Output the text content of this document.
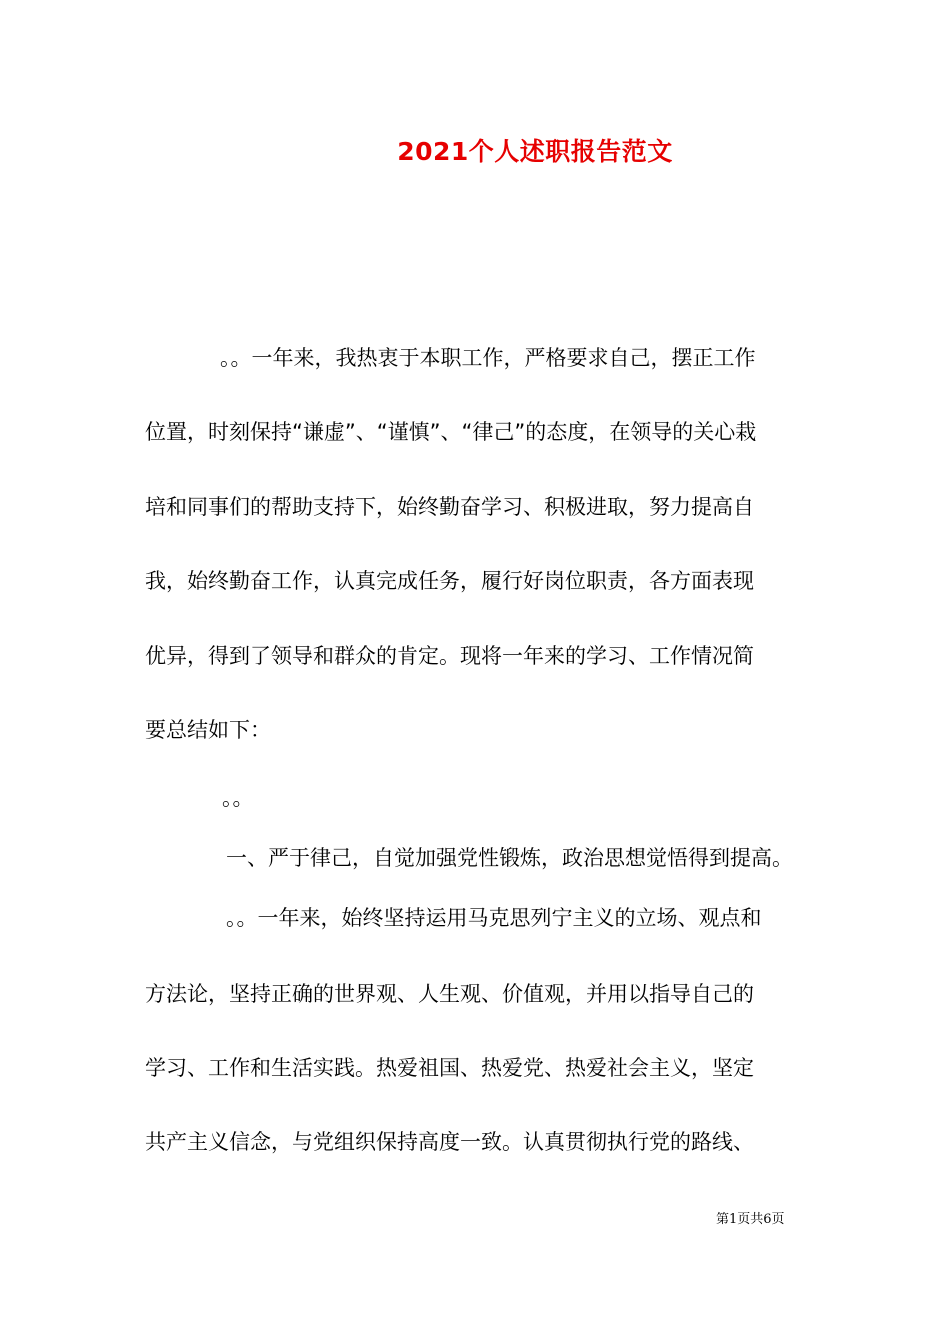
2021个人述职报告范文
。。一年来，我热衷于本职工作，严格要求自己，摆正工作
位置，时刻保持“谦虚”、“谨慎”、“律己”的态度，在领导的关心栽
培和同事们的帮助支持下，始终勤奋学习、积极进取，努力提高自
我，始终勤奋工作，认真完成任务，履行好岗位职责，各方面表现
优异，得到了领导和群众的肯定。现将一年来的学习、工作情况简
要总结如下：
。。
一、严于律己，自觉加强党性锻炼，政治思想觉悟得到提高。
。。一年来，始终坚持运用马克思列宁主义的立场、观点和
方法论，坚持正确的世界观、人生观、价值观，并用以指导自己的
学习、工作和生活实践。热爱祖国、热爱党、热爱社会主义，坚定
共产主义信念，与党组织保持高度一致。认真贯彻执行党的路线、
第1页共6页
